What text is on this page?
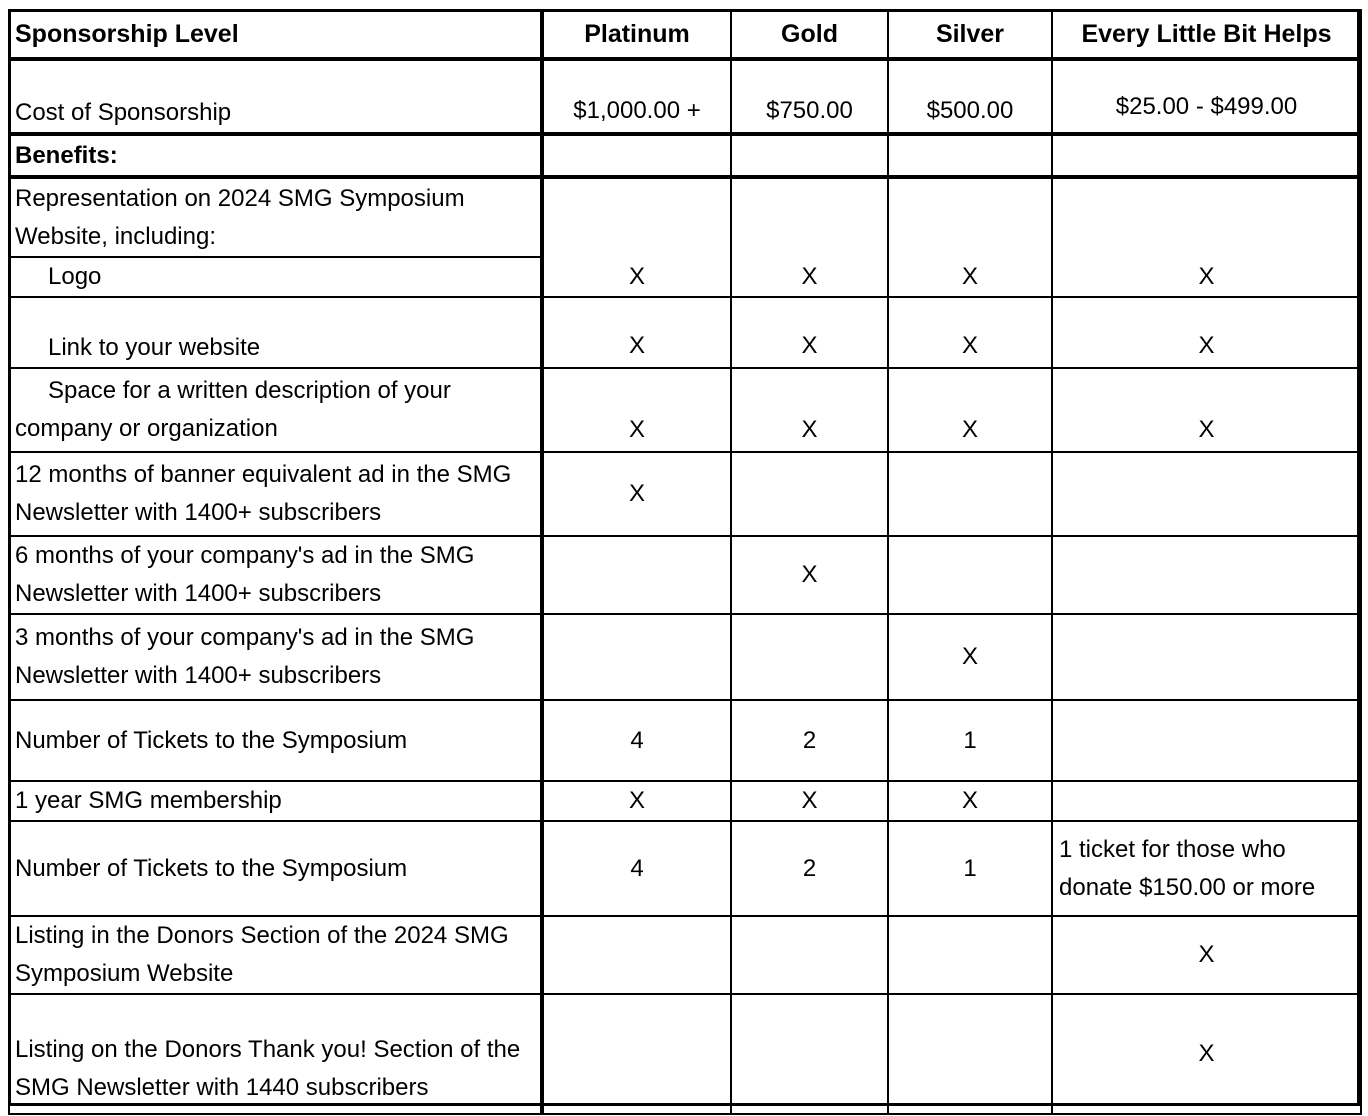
Sponsorship Level	Platinum	Gold	Silver	Every Little Bit Helps
Cost of Sponsorship	$1,000.00 +	$750.00	$500.00	$25.00 - $499.00
Benefits:				
Representation on 2024 SMG Symposium Website, including:				
Logo	X	X	X	X
Link to your website	X	X	X	X
Space for a written description of your company or organization	X	X	X	X
12 months of banner equivalent ad in the SMG Newsletter with 1400+ subscribers	X			
6 months of your company's ad in the SMG Newsletter with 1400+ subscribers		X		
3 months of your company's ad in the SMG Newsletter with 1400+ subscribers			X	
Number of Tickets to the Symposium	4	2	1	
1 year SMG membership	X	X	X	
Number of Tickets to the Symposium	4	2	1	1 ticket for those who donate $150.00 or more
Listing in the Donors Section of the 2024 SMG Symposium Website				X
Listing on the Donors Thank you! Section of the SMG Newsletter with 1440 subscribers				X
